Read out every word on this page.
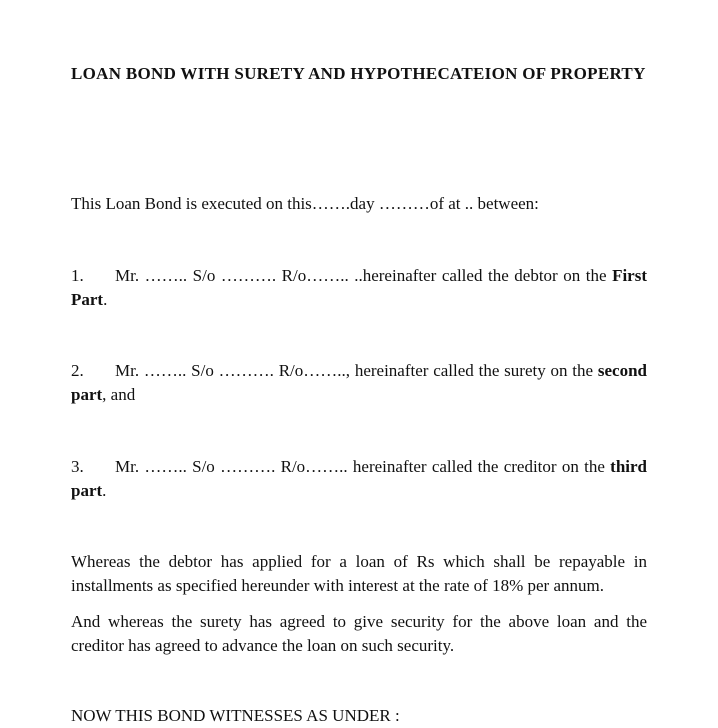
LOAN BOND WITH SURETY AND HYPOTHECATEION OF PROPERTY
This Loan Bond is executed on this…….day ………of at .. between:
1. Mr. …….. S/o ………. R/o…….. ..hereinafter called the debtor on the First Part.
2. Mr. …….. S/o ………. R/o…….., hereinafter called the surety on the second part, and
3. Mr. …….. S/o ………. R/o…….. hereinafter called the creditor on the third part.
Whereas the debtor has applied for a loan of Rs which shall be repayable in installments as specified hereunder with interest at the rate of 18% per annum.
And whereas the surety has agreed to give security for the above loan and the creditor has agreed to advance the loan on such security.
NOW THIS BOND WITNESSES AS UNDER :
